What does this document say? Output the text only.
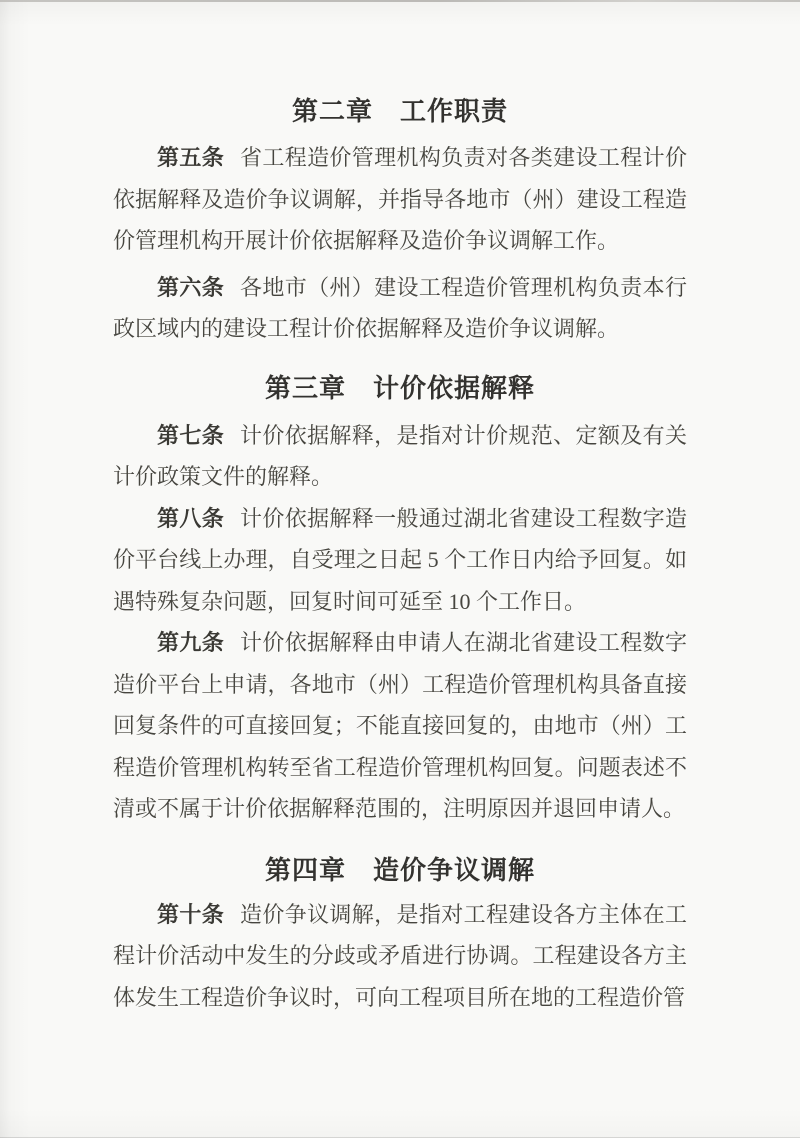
第二章　工作职责

第五条 省工程造价管理机构负责对各类建设工程计价依据解释及造价争议调解，并指导各地市（州）建设工程造价管理机构开展计价依据解释及造价争议调解工作。

第六条 各地市（州）建设工程造价管理机构负责本行政区域内的建设工程计价依据解释及造价争议调解。

第三章　计价依据解释

第七条 计价依据解释，是指对计价规范、定额及有关计价政策文件的解释。

第八条 计价依据解释一般通过湖北省建设工程数字造价平台线上办理，自受理之日起 5 个工作日内给予回复。如遇特殊复杂问题，回复时间可延至 10 个工作日。

第九条 计价依据解释由申请人在湖北省建设工程数字造价平台上申请，各地市（州）工程造价管理机构具备直接回复条件的可直接回复；不能直接回复的，由地市（州）工程造价管理机构转至省工程造价管理机构回复。问题表述不清或不属于计价依据解释范围的，注明原因并退回申请人。

第四章　造价争议调解

第十条 造价争议调解，是指对工程建设各方主体在工程计价活动中发生的分歧或矛盾进行协调。工程建设各方主体发生工程造价争议时，可向工程项目所在地的工程造价管
